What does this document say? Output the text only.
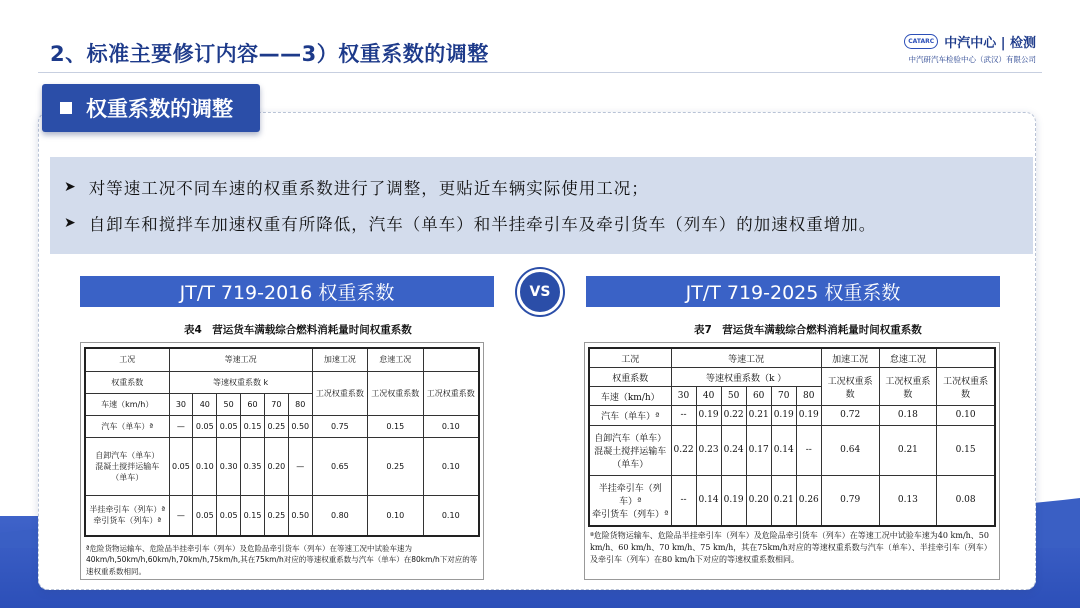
2、标准主要修订内容——3）权重系数的调整
CATARC 中汽中心 | 检测
中汽研汽车检验中心（武汉）有限公司
权重系数的调整
➤ 对等速工况不同车速的权重系数进行了调整，更贴近车辆实际使用工况；
➤ 自卸车和搅拌车加速权重有所降低，汽车（单车）和半挂牵引车及牵引货车（列车）的加速权重增加。
JT/T 719-2016 权重系数	JT/T 719-2025 权重系数
VS
表4　营运货车满载综合燃料消耗量时间权重系数
工况	等速工况						加速工况	怠速工况	
权重系数	等速权重系数 k						工况权重系数	工况权重系数	工况权重系数
车速（km/h）	30	40	50	60	70	80			
汽车（单车）ª	—	0.05	0.05	0.15	0.25	0.50	0.75	0.15	0.10
自卸汽车（单车）
混凝土搅拌运输车
（单车）	0.05	0.10	0.30	0.35	0.20	—	0.65	0.25	0.10
半挂牵引车（列车）ª
牵引货车（列车）ª	—	0.05	0.05	0.15	0.25	0.50	0.80	0.10	0.10
ª危险货物运输车、危险品半挂牵引车（列车）及危险品牵引货车（列车）在等速工况中试验车速为40km/h,50km/h,60km/h,70km/h,75km/h,其在75km/h对应的等速权重系数与汽车（单车）在80km/h下对应的等速权重系数相同。
表7　营运货车满载综合燃料消耗量时间权重系数
工况	等速工况						加速工况	怠速工况	
权重系数	等速权重系数（k ）						工况权重系数	工况权重系数	工况权重系数
车速（km/h）	30	40	50	60	70	80			
汽车（单车）ª	--	0.19	0.22	0.21	0.19	0.19	0.72	0.18	0.10
自卸汽车（单车）
混凝土搅拌运输车
（单车）	0.22	0.23	0.24	0.17	0.14	--	0.64	0.21	0.15
半挂牵引车（列车）ª
牵引货车（列车）ª	--	0.14	0.19	0.20	0.21	0.26	0.79	0.13	0.08
ª危险货物运输车、危险品半挂牵引车（列车）及危险品牵引货车（列车）在等速工况中试验车速为40 km/h、50 km/h、60 km/h、70 km/h、75 km/h，其在75km/h对应的等速权重系数与汽车（单车）、半挂牵引车（列车）及牵引车（列车）在80 km/h下对应的等速权重系数相同。
